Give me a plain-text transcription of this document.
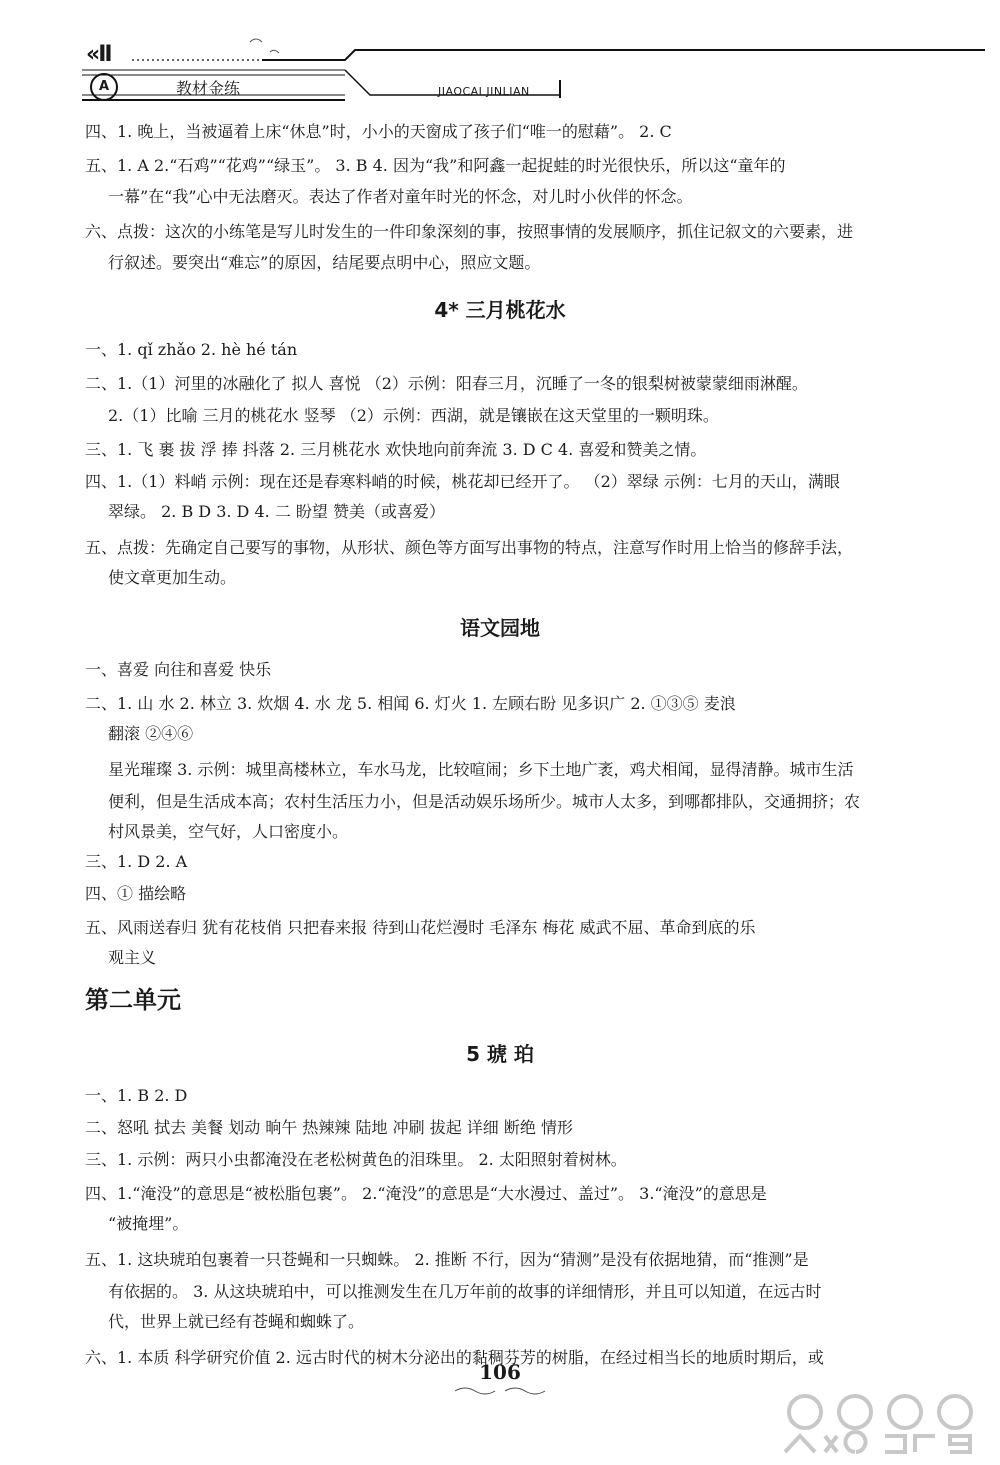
«II
A	教材金练	JIAOCAI JINLIAN
四、1. 晚上，当被逼着上床“休息”时，小小的天窗成了孩子们“唯一的慰藉”。 2. C
五、1. A 2.“石鸡”“花鸡”“绿玉”。 3. B 4. 因为“我”和阿鑫一起捉蛙的时光很快乐，所以这“童年的
一幕”在“我”心中无法磨灭。表达了作者对童年时光的怀念，对儿时小伙伴的怀念。
六、点拨：这次的小练笔是写儿时发生的一件印象深刻的事，按照事情的发展顺序，抓住记叙文的六要素，进
行叙述。要突出“难忘”的原因，结尾要点明中心，照应文题。
4* 三月桃花水
一、1. qǐ zhǎo 2. hè hé tán
二、1.（1）河里的冰融化了 拟人 喜悦 （2）示例：阳春三月，沉睡了一冬的银梨树被蒙蒙细雨淋醒。
2.（1）比喻 三月的桃花水 竖琴 （2）示例：西湖，就是镶嵌在这天堂里的一颗明珠。
三、1. 飞 裹 拔 浮 捧 抖落 2. 三月桃花水 欢快地向前奔流 3. D C 4. 喜爱和赞美之情。
四、1.（1）料峭 示例：现在还是春寒料峭的时候，桃花却已经开了。 （2）翠绿 示例：七月的天山，满眼
翠绿。 2. B D 3. D 4. 二 盼望 赞美（或喜爱）
五、点拨：先确定自己要写的事物，从形状、颜色等方面写出事物的特点，注意写作时用上恰当的修辞手法，
使文章更加生动。
语文园地
一、喜爱 向往和喜爱 快乐
二、1. 山 水 2. 林立 3. 炊烟 4. 水 龙 5. 相闻 6. 灯火 1. 左顾右盼 见多识广 2. ①③⑤ 麦浪
翻滚 ②④⑥
星光璀璨 3. 示例：城里高楼林立，车水马龙，比较喧闹；乡下土地广袤，鸡犬相闻，显得清静。城市生活
便利，但是生活成本高；农村生活压力小，但是活动娱乐场所少。城市人太多，到哪都排队，交通拥挤；农
村风景美，空气好，人口密度小。
三、1. D 2. A
四、① 描绘略
五、风雨送春归 犹有花枝俏 只把春来报 待到山花烂漫时 毛泽东 梅花 威武不屈、革命到底的乐
观主义
第二单元
5 琥 珀
一、1. B 2. D
二、怒吼 拭去 美餐 划动 晌午 热辣辣 陆地 冲刷 拔起 详细 断绝 情形
三、1. 示例：两只小虫都淹没在老松树黄色的泪珠里。 2. 太阳照射着树林。
四、1.“淹没”的意思是“被松脂包裹”。 2.“淹没”的意思是“大水漫过、盖过”。 3.“淹没”的意思是
“被掩埋”。
五、1. 这块琥珀包裹着一只苍蝇和一只蜘蛛。 2. 推断 不行，因为“猜测”是没有依据地猜，而“推测”是
有依据的。 3. 从这块琥珀中，可以推测发生在几万年前的故事的详细情形，并且可以知道，在远古时
代，世界上就已经有苍蝇和蜘蛛了。
六、1. 本质 科学研究价值 2. 远古时代的树木分泌出的黏稠芬芳的树脂，在经过相当长的地质时期后，或
106
